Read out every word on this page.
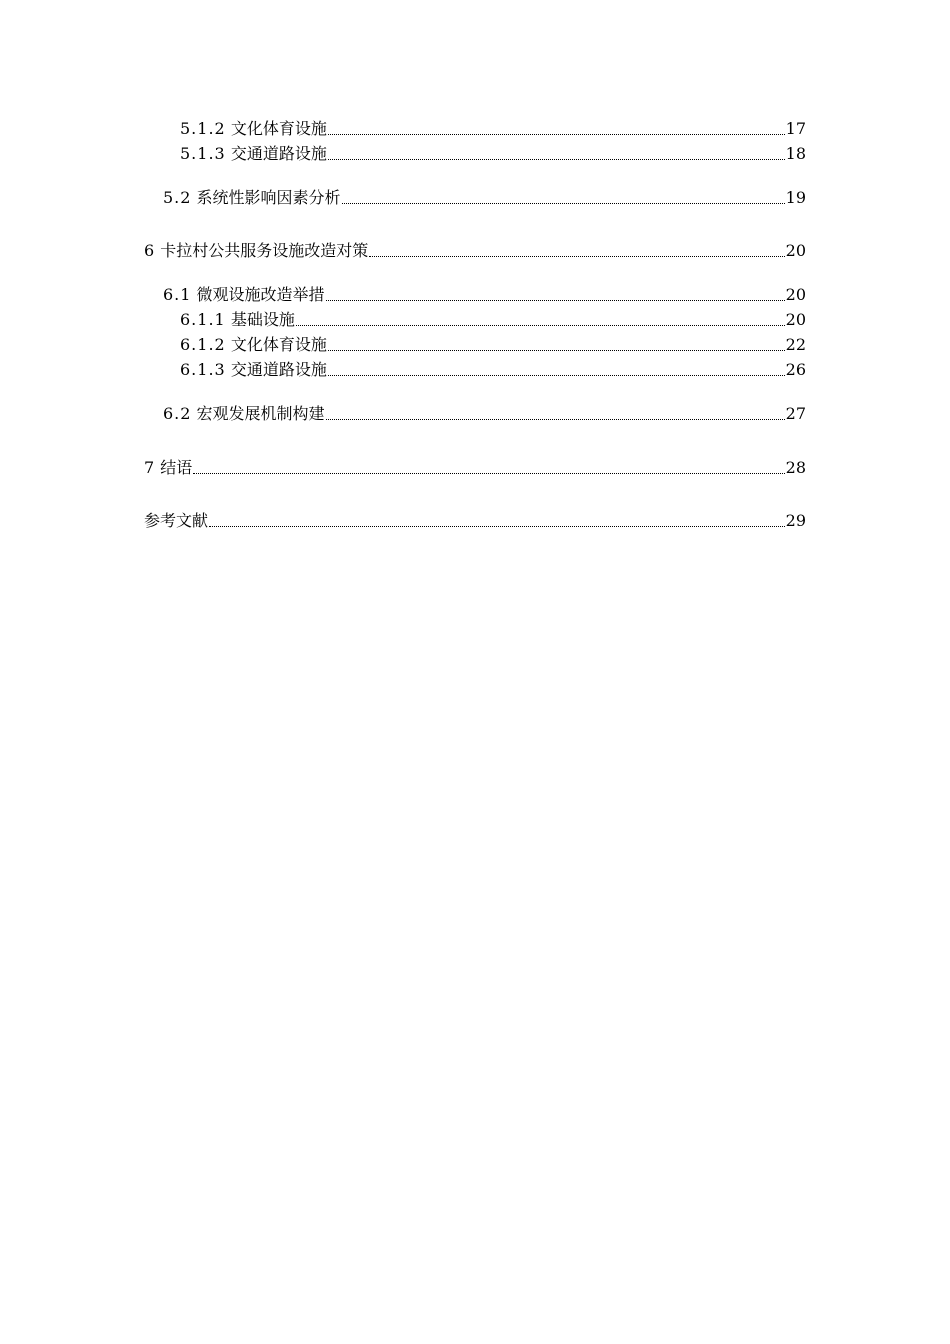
5.1.2 文化体育设施	17
5.1.3 交通道路设施	18
5.2 系统性影响因素分析	19
6 卡拉村公共服务设施改造对策	20
6.1 微观设施改造举措	20
6.1.1 基础设施	20
6.1.2 文化体育设施	22
6.1.3 交通道路设施	26
6.2 宏观发展机制构建	27
7 结语	28
参考文献	29
